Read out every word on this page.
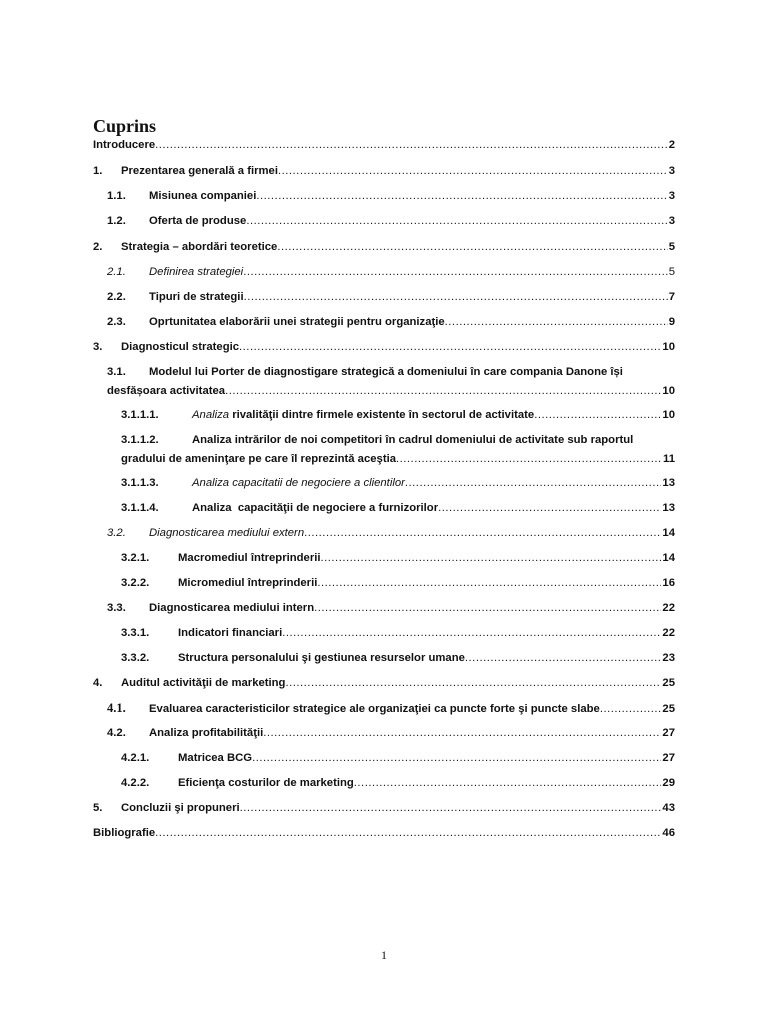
Cuprins
Introducere .....	2
1.	Prezentarea generală a firmei .....	3
1.1.	Misiunea companiei .....	3
1.2.	Oferta de produse .....	3
2.	Strategia – abordări teoretice .....	5
2.1.	Definirea strategiei .....	5
2.2.	Tipuri de strategii .....	7
2.3.	Oprtunitatea elaborării unei strategii pentru organizaţie .....	9
3.	Diagnosticul strategic .....	10
3.1.	Modelul lui Porter de diagnostigare strategică a domeniului în care compania Danone își
desfășoara activitatea .....	10
3.1.1.1.	Analiza rivalităţii dintre firmele existente în sectorul de activitate .....	10
3.1.1.2.	Analiza intrărilor de noi competitori în cadrul domeniului de activitate sub raportul
gradului de ameninţare pe care îl reprezintă aceştia .....	11
3.1.1.3.	Analiza capacitatii de negociere a clientilor .....	13
3.1.1.4.	Analiza  capacităţii de negociere a furnizorilor .....	13
3.2.	Diagnosticarea mediului extern .....	14
3.2.1.	Macromediul întreprinderii .....	14
3.2.2.	Micromediul întreprinderii .....	16
3.3.	Diagnosticarea mediului intern .....	22
3.3.1.	Indicatori financiari .....	22
3.3.2.	Structura personalului şi gestiunea resurselor umane .....	23
4.	Auditul activităţii de marketing .....	25
4.1.	Evaluarea caracteristicilor strategice ale organizaţiei ca puncte forte şi puncte slabe .....	25
4.2.	Analiza profitabilităţii .....	27
4.2.1.	Matricea BCG .....	27
4.2.2.	Eficienţa costurilor de marketing .....	29
5.	Concluzii şi propuneri .....	43
Bibliografie .....	46
1
